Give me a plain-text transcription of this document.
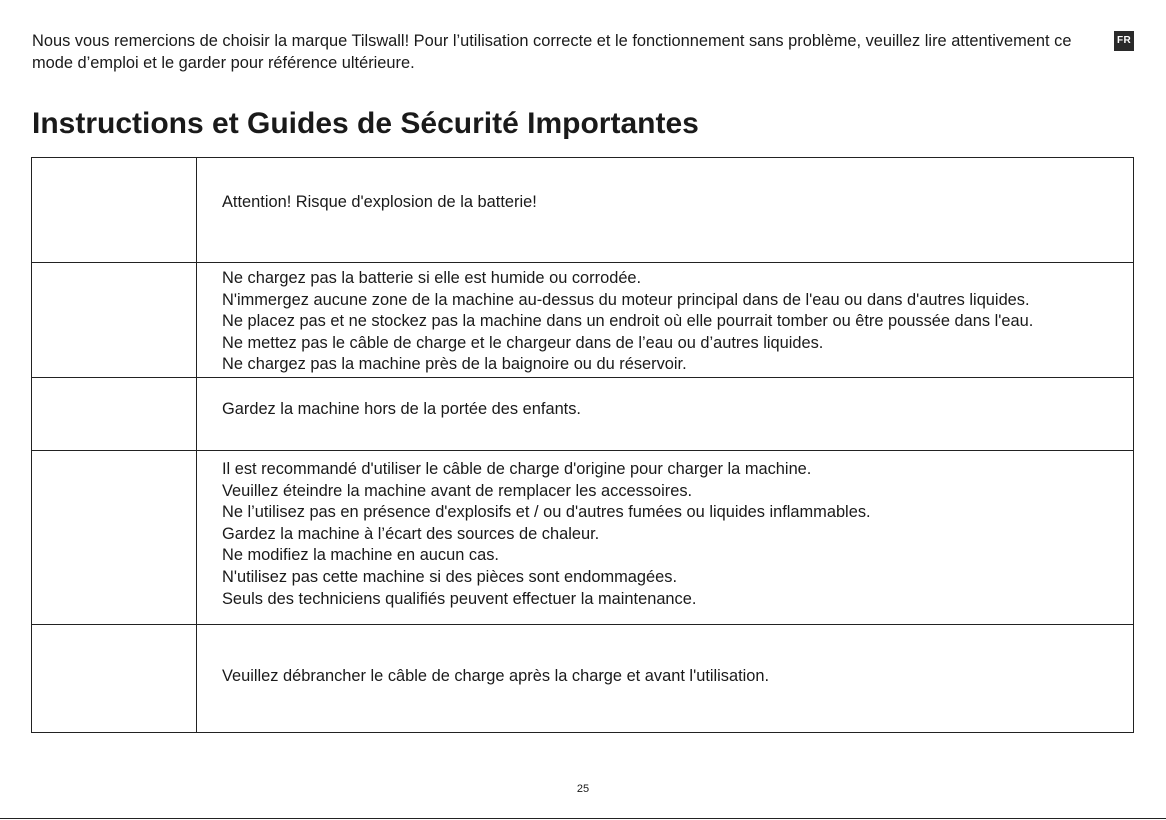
Nous vous remercions de choisir la marque Tilswall! Pour l’utilisation correcte et le fonctionnement sans problème, veuillez lire attentivement ce
mode d’emploi et le garder pour référence ultérieure.

FR
Instructions et Guides de Sécurité Importantes

Attention! Risque d'explosion de la batterie!

Ne chargez pas la batterie si elle est humide ou corrodée.

N'immergez aucune zone de la machine au-dessus du moteur principal dans de l'eau ou dans d'autres liquides.

Ne placez pas et ne stockez pas la machine dans un endroit où elle pourrait tomber ou être poussée dans l'eau.

Ne mettez pas le câble de charge et le chargeur dans de l’eau ou d’autres liquides.

Ne chargez pas la machine près de la baignoire ou du réservoir.

Gardez la machine hors de la portée des enfants.

Il est recommandé d'utiliser le câble de charge d'origine pour charger la machine.

Veuillez éteindre la machine avant de remplacer les accessoires.

Ne l’utilisez pas en présence d'explosifs et / ou d'autres fumées ou liquides inflammables.

Gardez la machine à l’écart des sources de chaleur.

Ne modifiez la machine en aucun cas.

N'utilisez pas cette machine si des pièces sont endommagées.

Seuls des techniciens qualifiés peuvent effectuer la maintenance.

Veuillez débrancher le câble de charge après la charge et avant l'utilisation.

25
